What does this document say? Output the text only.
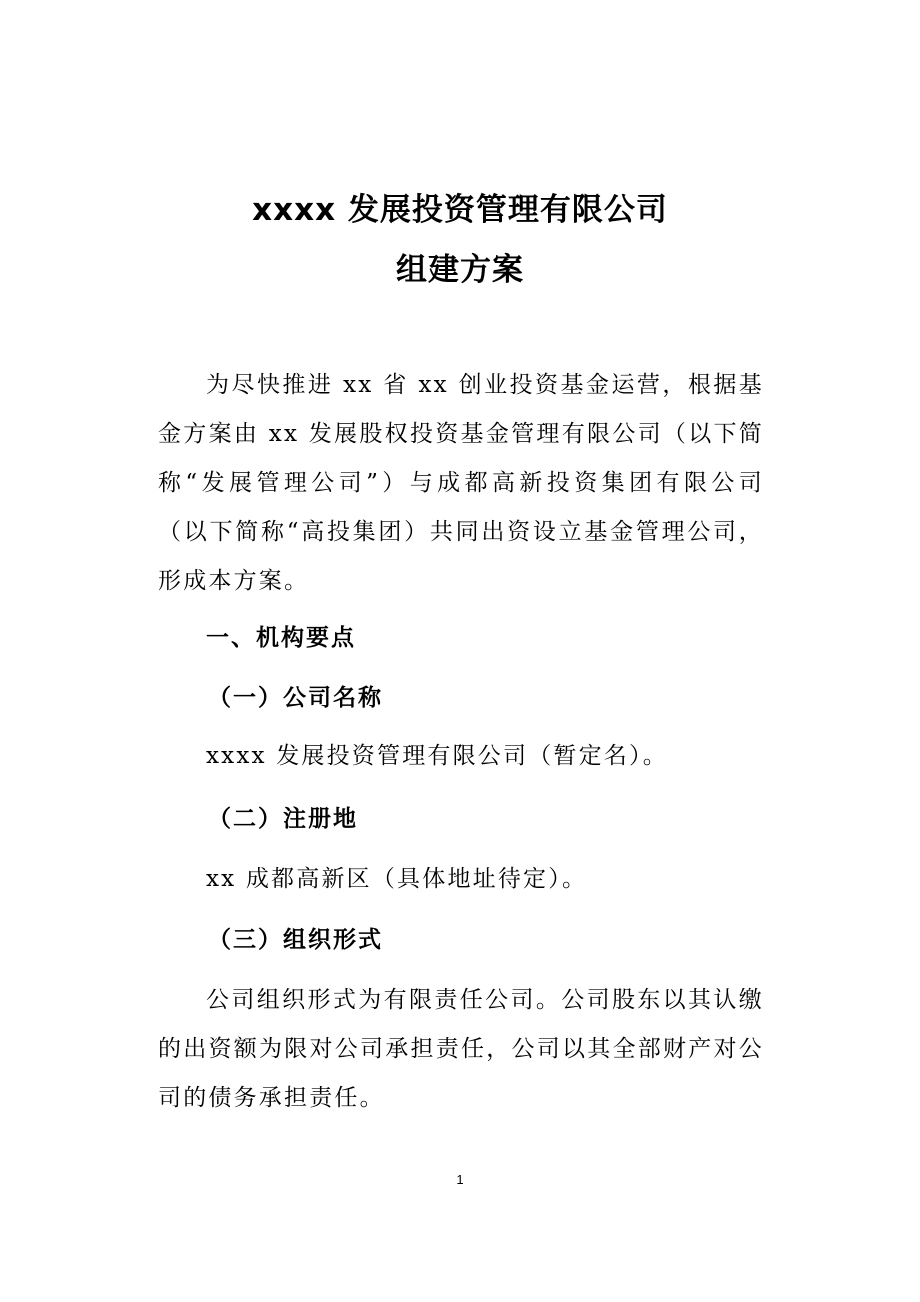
xxxx 发展投资管理有限公司
组建方案
为尽快推进 xx 省 xx 创业投资基金运营，根据基金方案由 xx 发展股权投资基金管理有限公司（以下简称“发展管理公司”）与成都高新投资集团有限公司（以下简称“高投集团）共同出资设立基金管理公司，形成本方案。
一、机构要点
（一）公司名称
xxxx 发展投资管理有限公司（暂定名）。
（二）注册地
xx 成都高新区（具体地址待定）。
（三）组织形式
公司组织形式为有限责任公司。公司股东以其认缴的出资额为限对公司承担责任，公司以其全部财产对公司的债务承担责任。
1
